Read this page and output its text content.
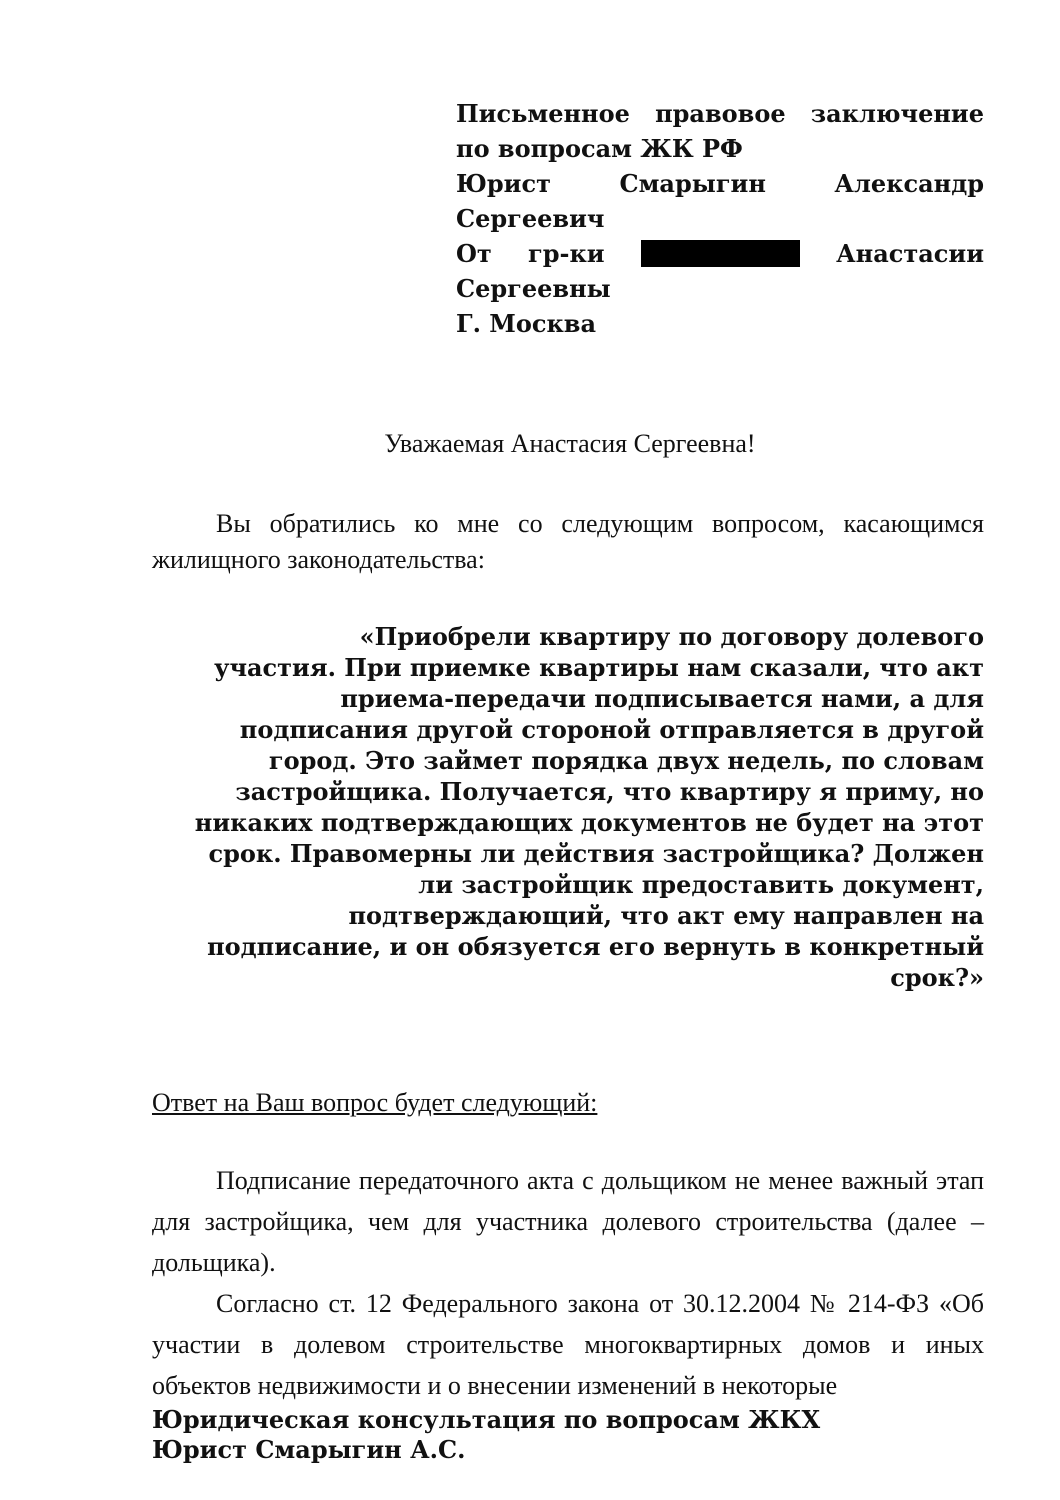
Письменное правовое заключение
по вопросам ЖК РФ
Юрист	Смарыгин	Александр
Сергеевич
От гр-ки	Анастасии
Сергеевны
Г. Москва
Уважаемая Анастасия Сергеевна!

Вы обратились ко мне со следующим вопросом, касающимся жилищного законодательства:

«Приобрели квартиру по договору долевого
участия. При приемке квартиры нам сказали, что акт
приема-передачи подписывается нами, а для
подписания другой стороной отправляется в другой
город. Это займет порядка двух недель, по словам
застройщика. Получается, что квартиру я приму, но
никаких подтверждающих документов не будет на этот
срок. Правомерны ли действия застройщика? Должен
ли застройщик предоставить документ,
подтверждающий, что акт ему направлен на
подписание, и он обязуется его вернуть в конкретный
срок?»

Ответ на Ваш вопрос будет следующий:

Подписание передаточного акта с дольщиком не менее важный этап для застройщика, чем для участника долевого строительства (далее – дольщика).

Согласно ст. 12 Федерального закона от 30.12.2004 № 214-ФЗ «Об участии в долевом строительстве многоквартирных домов и иных объектов недвижимости и о внесении изменений в некоторые

Юридическая консультация по вопросам ЖКХ
Юрист Смарыгин А.С.
